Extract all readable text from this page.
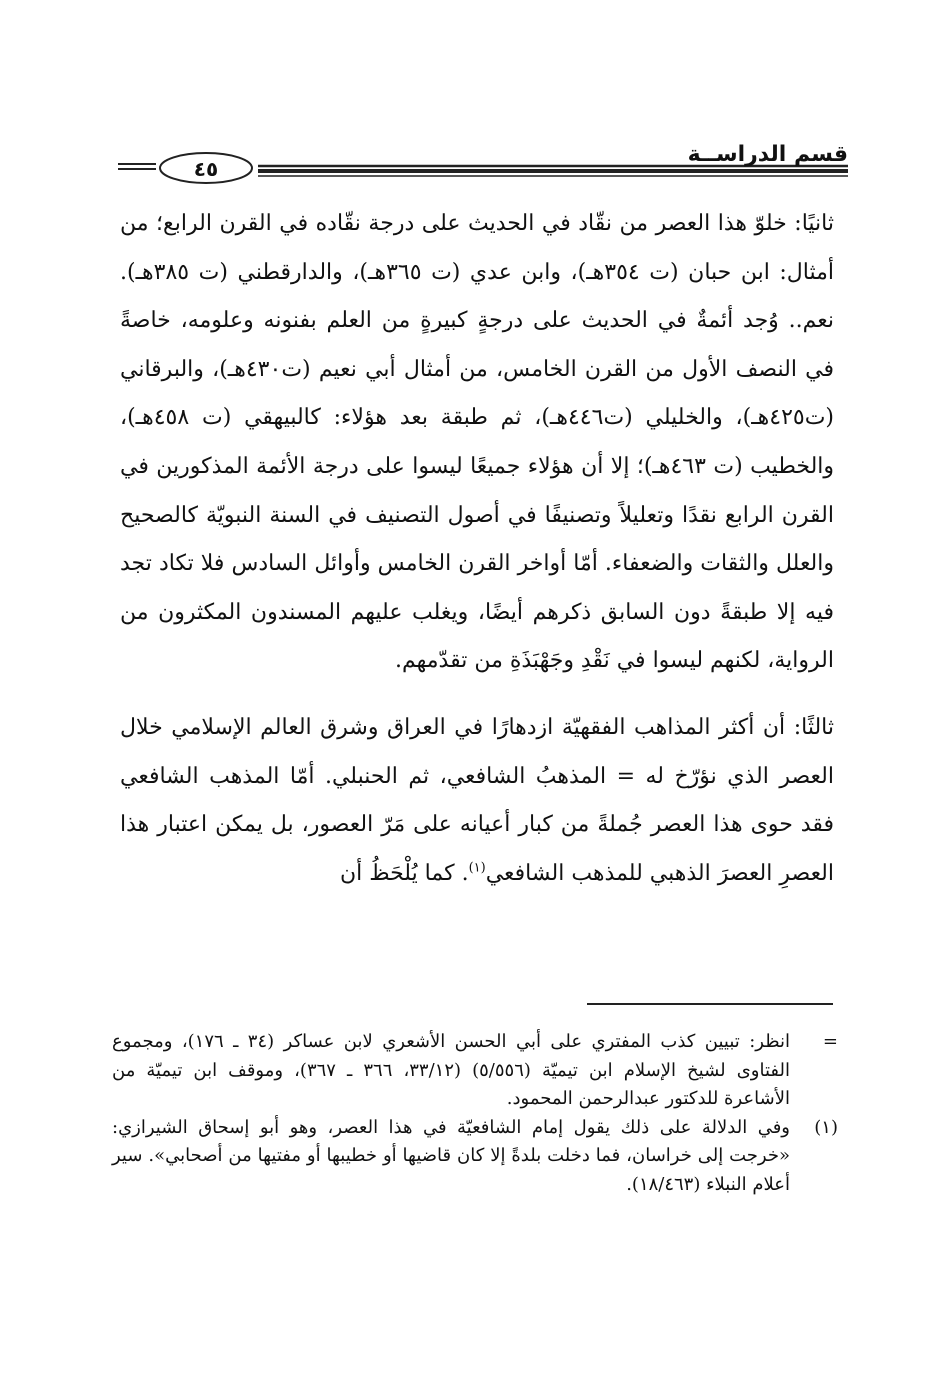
٤٥
قسم الدراســة

ثانيًا: خلوّ هذا العصر من نقّاد في الحديث على درجة نقّاده في القرن الرابع؛ من أمثال: ابن حبان (ت ٣٥٤هـ)، وابن عدي (ت ٣٦٥هـ)، والدارقطني (ت ٣٨٥هـ). نعم.. وُجد أئمةٌ في الحديث على درجةٍ كبيرةٍ من العلم بفنونه وعلومه، خاصةً في النصف الأول من القرن الخامس، من أمثال أبي نعيم (ت٤٣٠هـ)، والبرقاني (ت٤٢٥هـ)، والخليلي (ت٤٤٦هـ)، ثم طبقة بعد هؤلاء: كالبيهقي (ت ٤٥٨هـ)، والخطيب (ت ٤٦٣هـ)؛ إلا أن هؤلاء جميعًا ليسوا على درجة الأئمة المذكورين في القرن الرابع نقدًا وتعليلاً وتصنيفًا في أصول التصنيف في السنة النبويّة كالصحيح والعلل والثقات والضعفاء. أمّا أواخر القرن الخامس وأوائل السادس فلا تكاد تجد فيه إلا طبقةً دون السابق ذكرهم أيضًا، ويغلب عليهم المسندون المكثرون من الرواية، لكنهم ليسوا في نَقْدِ وجَهْبَذَةِ من تقدّمهم.

ثالثًا: أن أكثر المذاهب الفقهيّة ازدهارًا في العراق وشرق العالم الإسلامي خلال العصر الذي نؤرّخ له = المذهبُ الشافعي، ثم الحنبلي. أمّا المذهب الشافعي فقد حوى هذا العصر جُملةً من كبار أعيانه على مَرّ العصور، بل يمكن اعتبار هذا العصرِ العصرَ الذهبي للمذهب الشافعي$^{(١)}$. كما يُلْحَظُ أن

=
انظر: تبيين كذب المفتري على أبي الحسن الأشعري لابن عساكر (٣٤ ـ ١٧٦)، ومجموع الفتاوى لشيخ الإسلام ابن تيميّة (٥/٥٥٦) (٣٣/١٢، ٣٦٦ ـ ٣٦٧)، وموقف ابن تيميّة من الأشاعرة للدكتور عبدالرحمن المحمود.
(١)
وفي الدلالة على ذلك يقول إمام الشافعيّة في هذا العصر، وهو أبو إسحاق الشيرازي: «خرجت إلى خراسان، فما دخلت بلدةً إلا كان قاضيها أو خطيبها أو مفتيها من أصحابي». سير أعلام النبلاء (١٨/٤٦٣).
